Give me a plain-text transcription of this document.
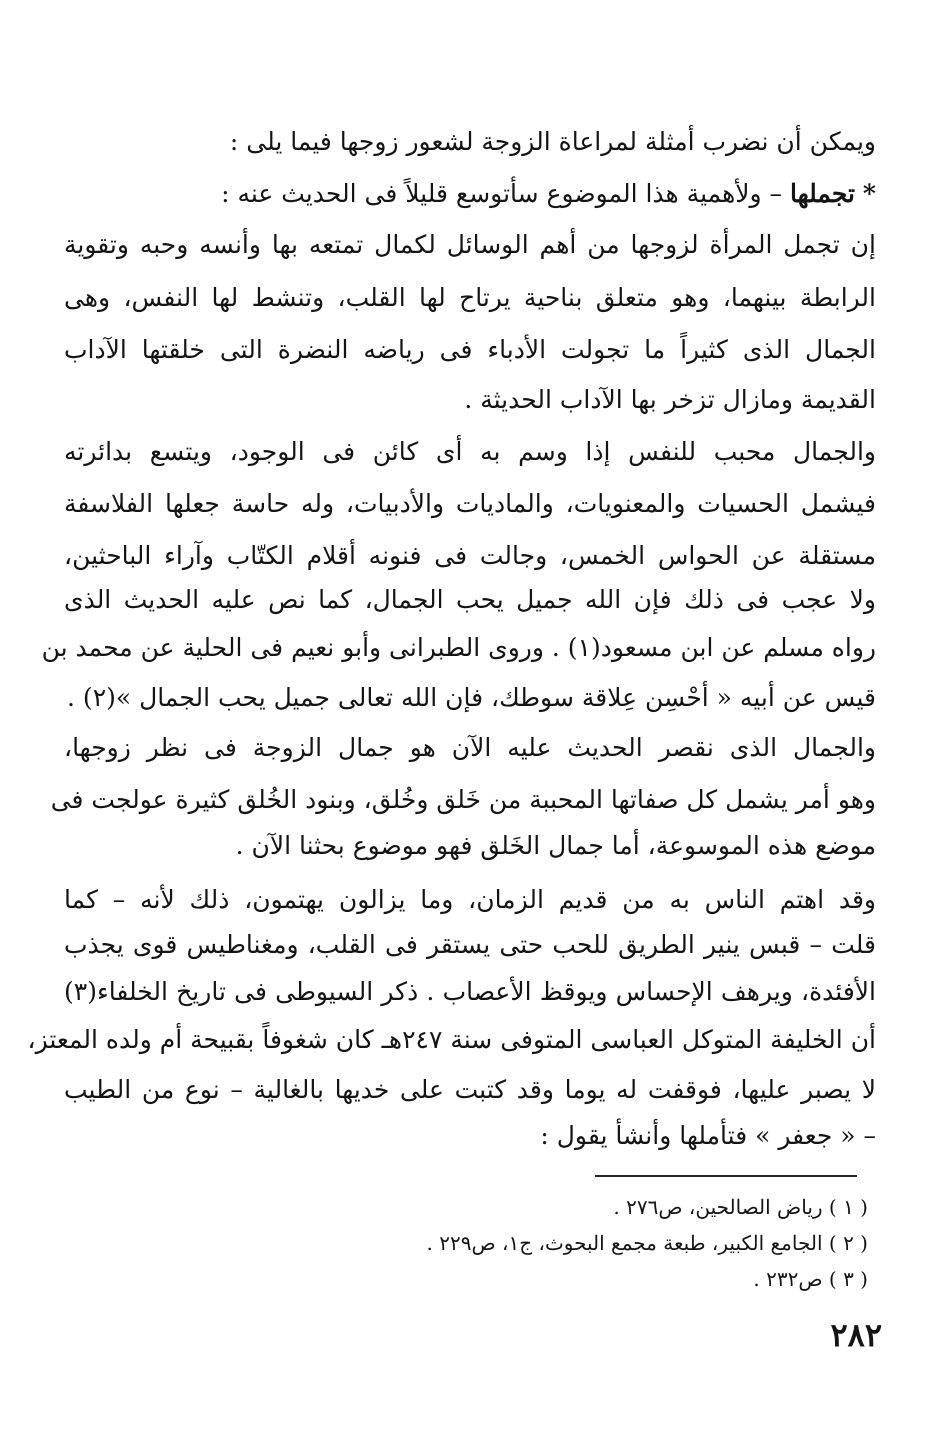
ويمكن أن نضرب أمثلة لمراعاة الزوجة لشعور زوجها فيما يلى :
* تجملها – ولأهمية هذا الموضوع سأتوسع قليلاً فى الحديث عنه :
إن تجمل المرأة لزوجها من أهم الوسائل لكمال تمتعه بها وأنسه وحبه وتقوية
الرابطة بينهما، وهو متعلق بناحية يرتاح لها القلب، وتنشط لها النفس، وهى
الجمال الذى كثيراً ما تجولت الأدباء فى رياضه النضرة التى خلقتها الآداب
القديمة ومازال تزخر بها الآداب الحديثة .
والجمال محبب للنفس إذا وسم به أى كائن فى الوجود، ويتسع بدائرته
فيشمل الحسيات والمعنويات، والماديات والأدبيات، وله حاسة جعلها الفلاسفة
مستقلة عن الحواس الخمس، وجالت فى فنونه أقلام الكتّاب وآراء الباحثين،
ولا عجب فى ذلك فإن الله جميل يحب الجمال، كما نص عليه الحديث الذى
رواه مسلم عن ابن مسعود(١) . وروى الطبرانى وأبو نعيم فى الحلية عن محمد بن
قيس عن أبيه « أحْسِن عِلاقة سوطك، فإن الله تعالى جميل يحب الجمال »(٢) .
والجمال الذى نقصر الحديث عليه الآن هو جمال الزوجة فى نظر زوجها،
وهو أمر يشمل كل صفاتها المحببة من خَلق وخُلق، وبنود الخُلق كثيرة عولجت فى
موضع هذه الموسوعة، أما جمال الخَلق فهو موضوع بحثنا الآن .
وقد اهتم الناس به من قديم الزمان، وما يزالون يهتمون، ذلك لأنه – كما
قلت – قبس ينير الطريق للحب حتى يستقر فى القلب، ومغناطيس قوى يجذب
الأفئدة، ويرهف الإحساس ويوقظ الأعصاب . ذكر السيوطى فى تاريخ الخلفاء(٣)
أن الخليفة المتوكل العباسى المتوفى سنة ٢٤٧هـ كان شغوفاً بقبيحة أم ولده المعتز،
لا يصبر عليها، فوقفت له يوما وقد كتبت على خديها بالغالية – نوع من الطيب
– « جعفر » فتأملها وأنشأ يقول :
( ١ ) رياض الصالحين، ص٢٧٦ .
( ٢ ) الجامع الكبير، طبعة مجمع البحوث، ج١، ص٢٢٩ .
( ٣ ) ص٢٣٢ .
٢٨٢
